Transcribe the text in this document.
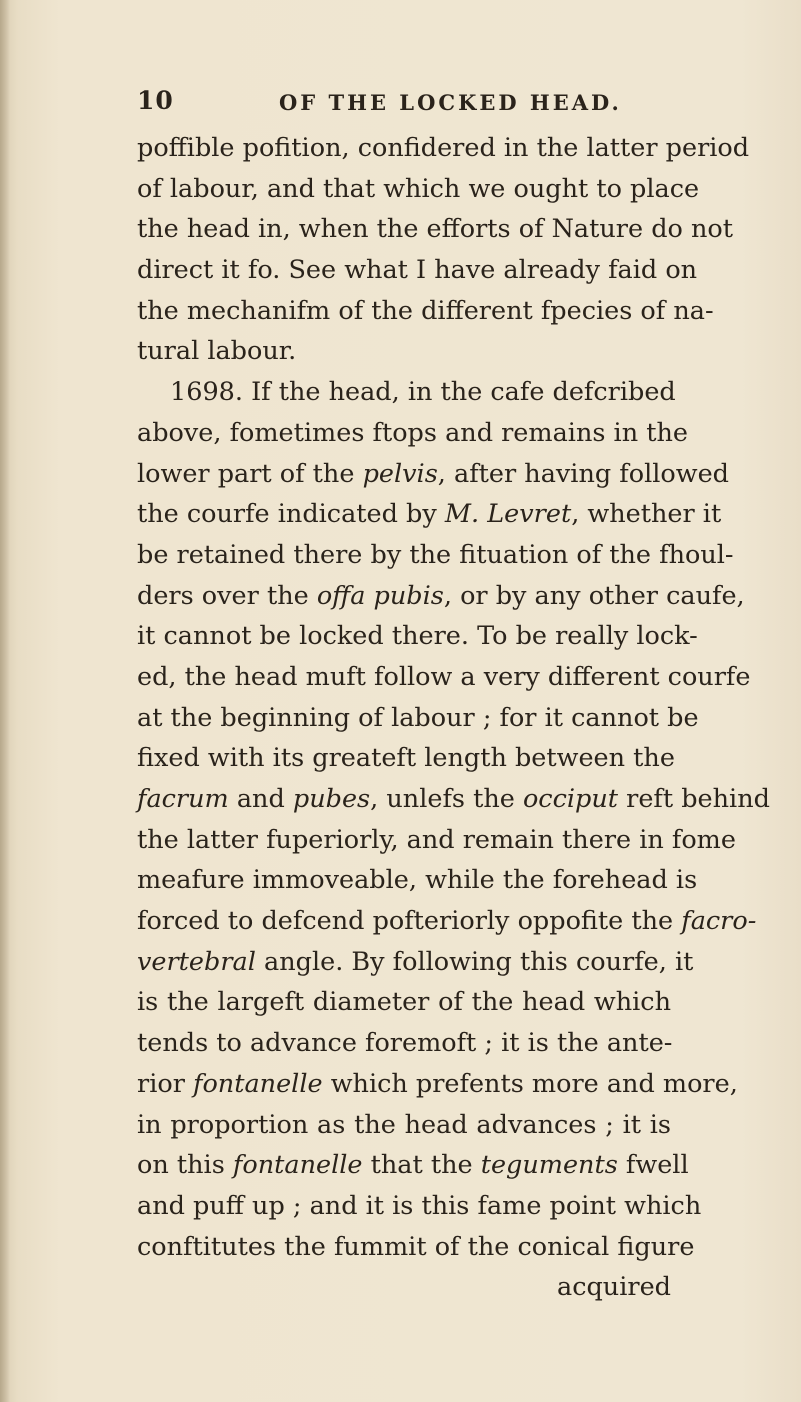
10	OF THE LOCKED HEAD.
poffible pofition, confidered in the latter period
of labour, and that which we ought to place
the head in, when the efforts of Nature do not
direct it fo. See what I have already faid on
the mechanifm of the different fpecies of na-
tural labour.
1698. If the head, in the cafe defcribed
above, fometimes ftops and remains in the
lower part of the pelvis, after having followed
the courfe indicated by M. Levret, whether it
be retained there by the fituation of the fhoul-
ders over the offa pubis, or by any other caufe,
it cannot be locked there. To be really lock-
ed, the head muft follow a very different courfe
at the beginning of labour ; for it cannot be
fixed with its greateft length between the
facrum and pubes, unlefs the occiput reft behind
the latter fuperiorly, and remain there in fome
meafure immoveable, while the forehead is
forced to defcend pofteriorly oppofite the facro-
vertebral angle. By following this courfe, it
is the largeft diameter of the head which
tends to advance foremoft ; it is the ante-
rior fontanelle which prefents more and more,
in proportion as the head advances ; it is
on this fontanelle that the teguments fwell
and puff up ; and it is this fame point which
conftitutes the fummit of the conical figure
acquired
